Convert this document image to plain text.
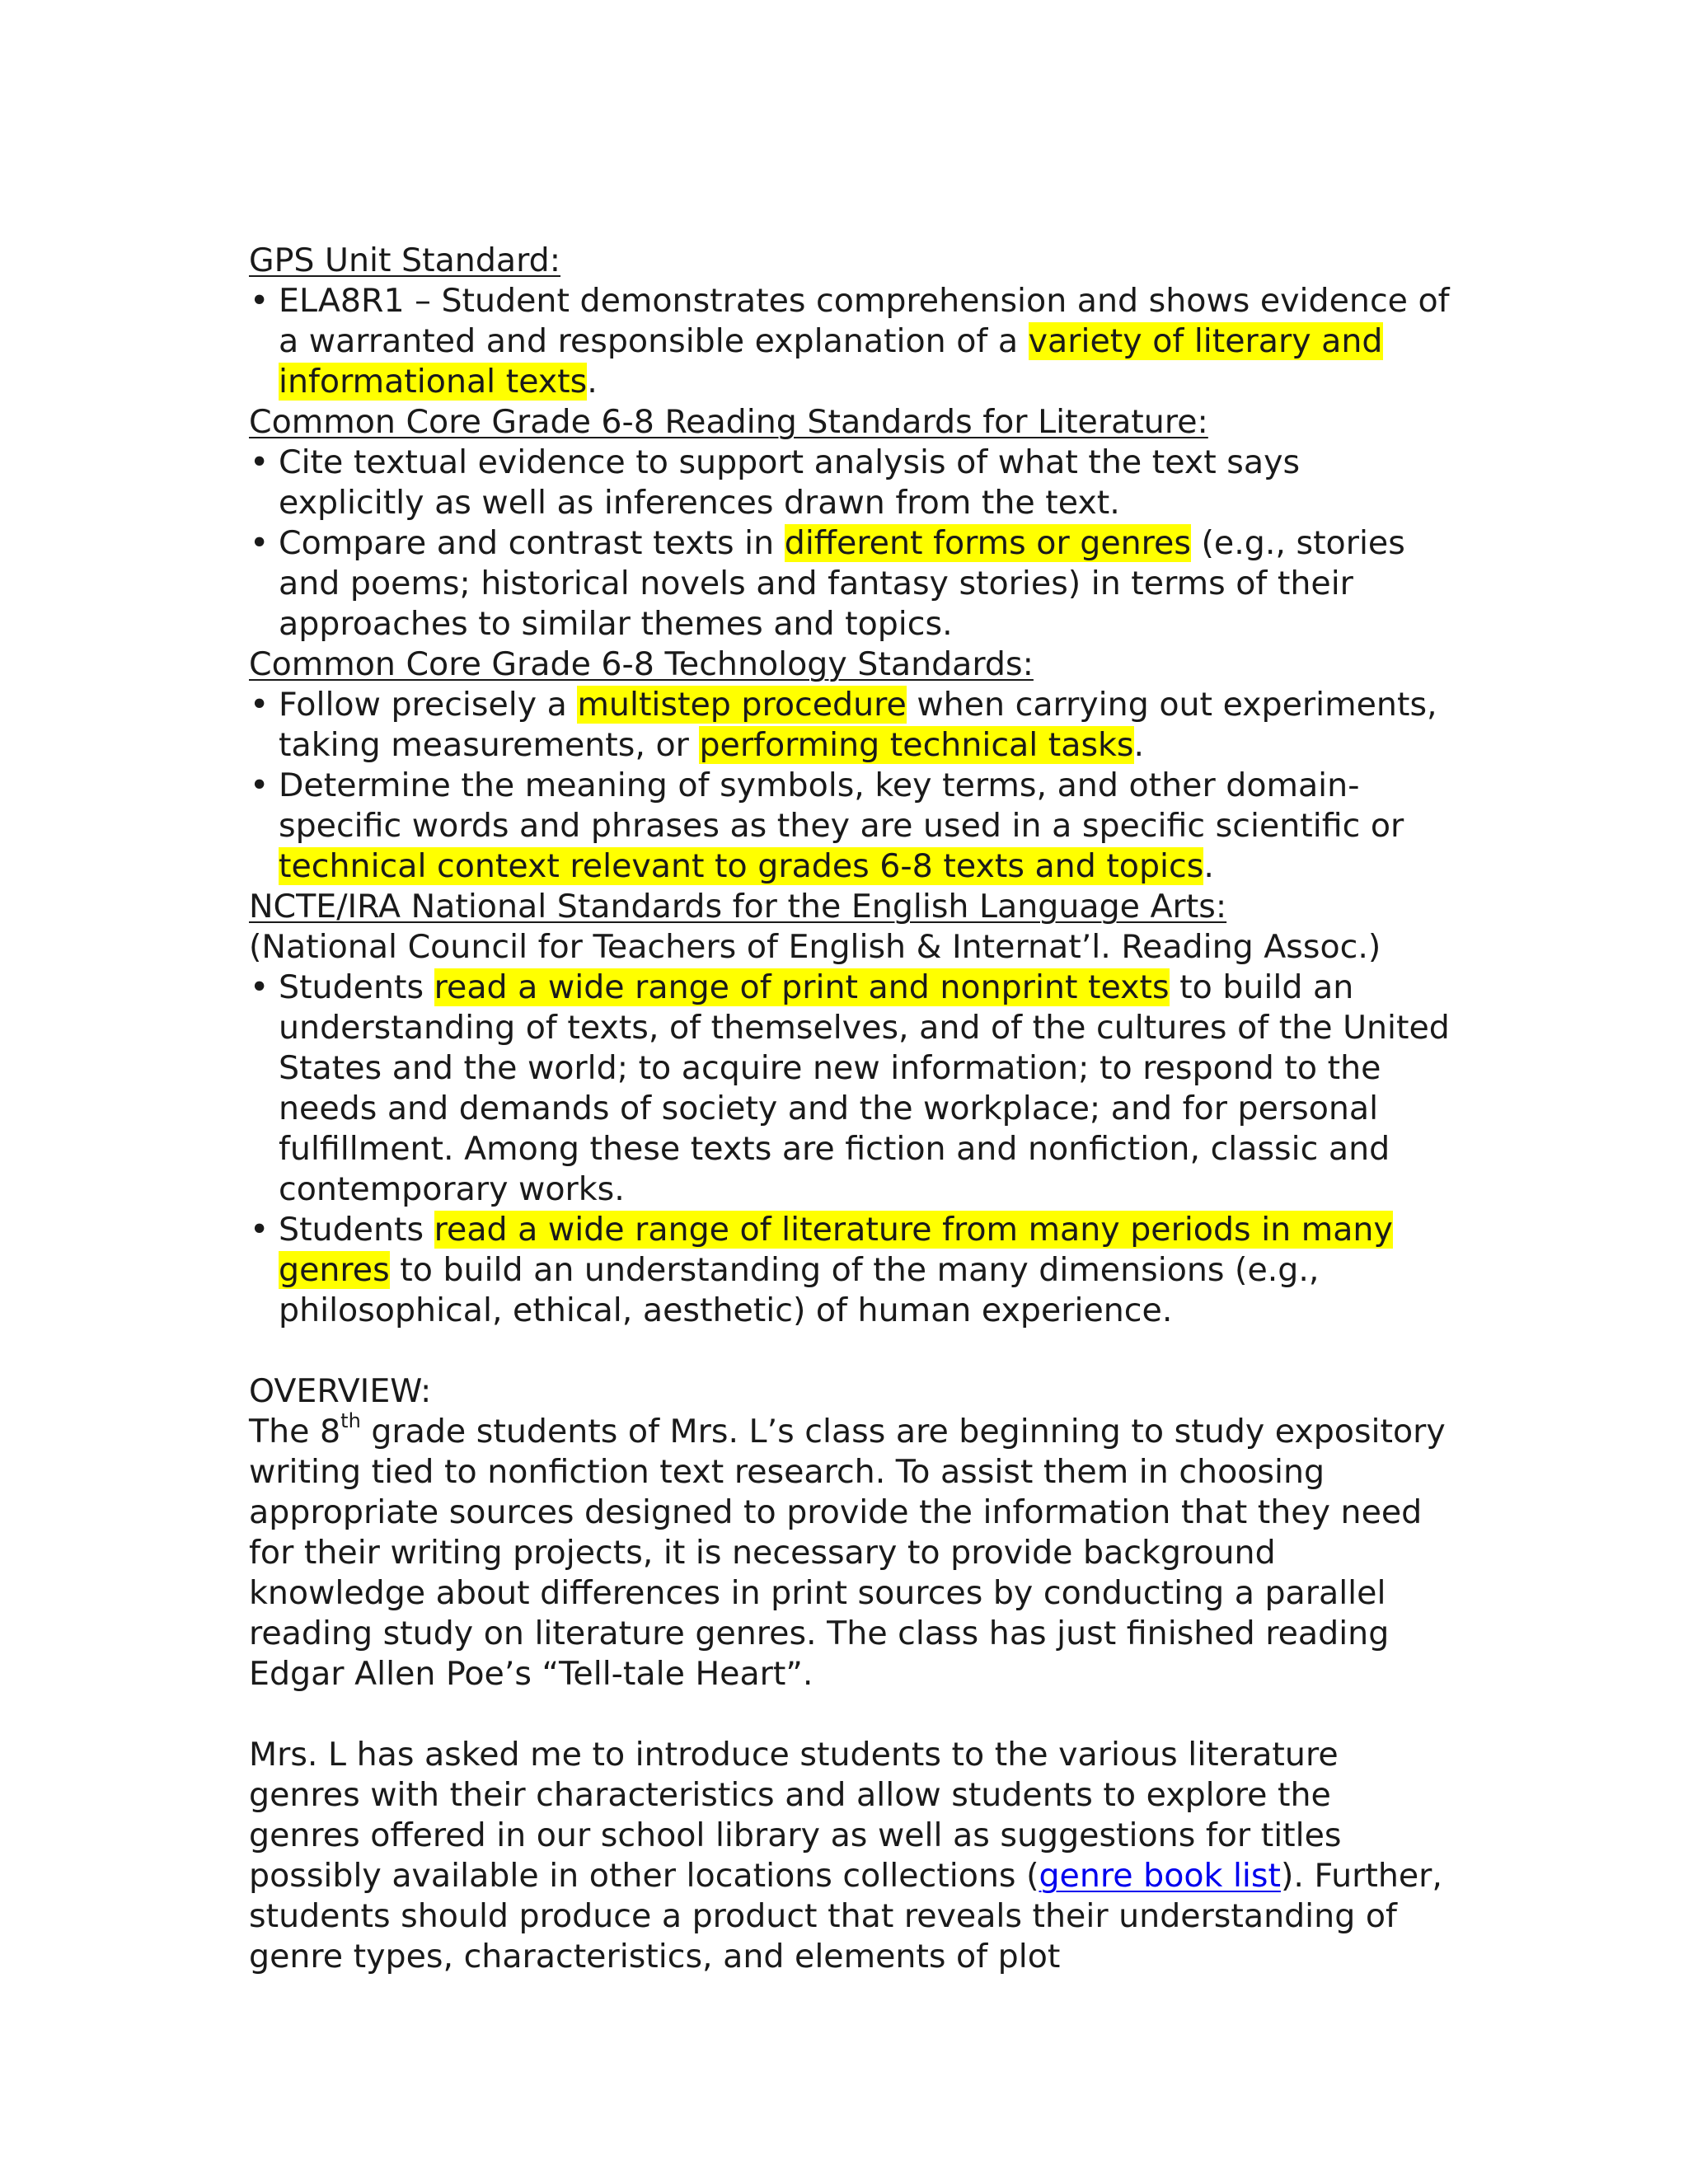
GPS Unit Standard:
• ELA8R1 – Student demonstrates comprehension and shows evidence of a warranted and responsible explanation of a variety of literary and informational texts.
Common Core Grade 6-8 Reading Standards for Literature:
• Cite textual evidence to support analysis of what the text says explicitly as well as inferences drawn from the text.
• Compare and contrast texts in different forms or genres (e.g., stories and poems; historical novels and fantasy stories) in terms of their approaches to similar themes and topics.
Common Core Grade 6-8 Technology Standards:
• Follow precisely a multistep procedure when carrying out experiments, taking measurements, or performing technical tasks.
• Determine the meaning of symbols, key terms, and other domain-specific words and phrases as they are used in a specific scientific or technical context relevant to grades 6-8 texts and topics.
NCTE/IRA National Standards for the English Language Arts:
(National Council for Teachers of English & Internat’l. Reading Assoc.)
• Students read a wide range of print and nonprint texts to build an understanding of texts, of themselves, and of the cultures of the United States and the world; to acquire new information; to respond to the needs and demands of society and the workplace; and for personal fulfillment. Among these texts are fiction and nonfiction, classic and contemporary works.
• Students read a wide range of literature from many periods in many genres to build an understanding of the many dimensions (e.g., philosophical, ethical, aesthetic) of human experience.
OVERVIEW:
The 8th grade students of Mrs. L’s class are beginning to study expository writing tied to nonfiction text research. To assist them in choosing appropriate sources designed to provide the information that they need for their writing projects, it is necessary to provide background knowledge about differences in print sources by conducting a parallel reading study on literature genres. The class has just finished reading Edgar Allen Poe’s “Tell-tale Heart”.
Mrs. L has asked me to introduce students to the various literature genres with their characteristics and allow students to explore the genres offered in our school library as well as suggestions for titles possibly available in other locations collections (genre book list). Further, students should produce a product that reveals their understanding of genre types, characteristics, and elements of plot
